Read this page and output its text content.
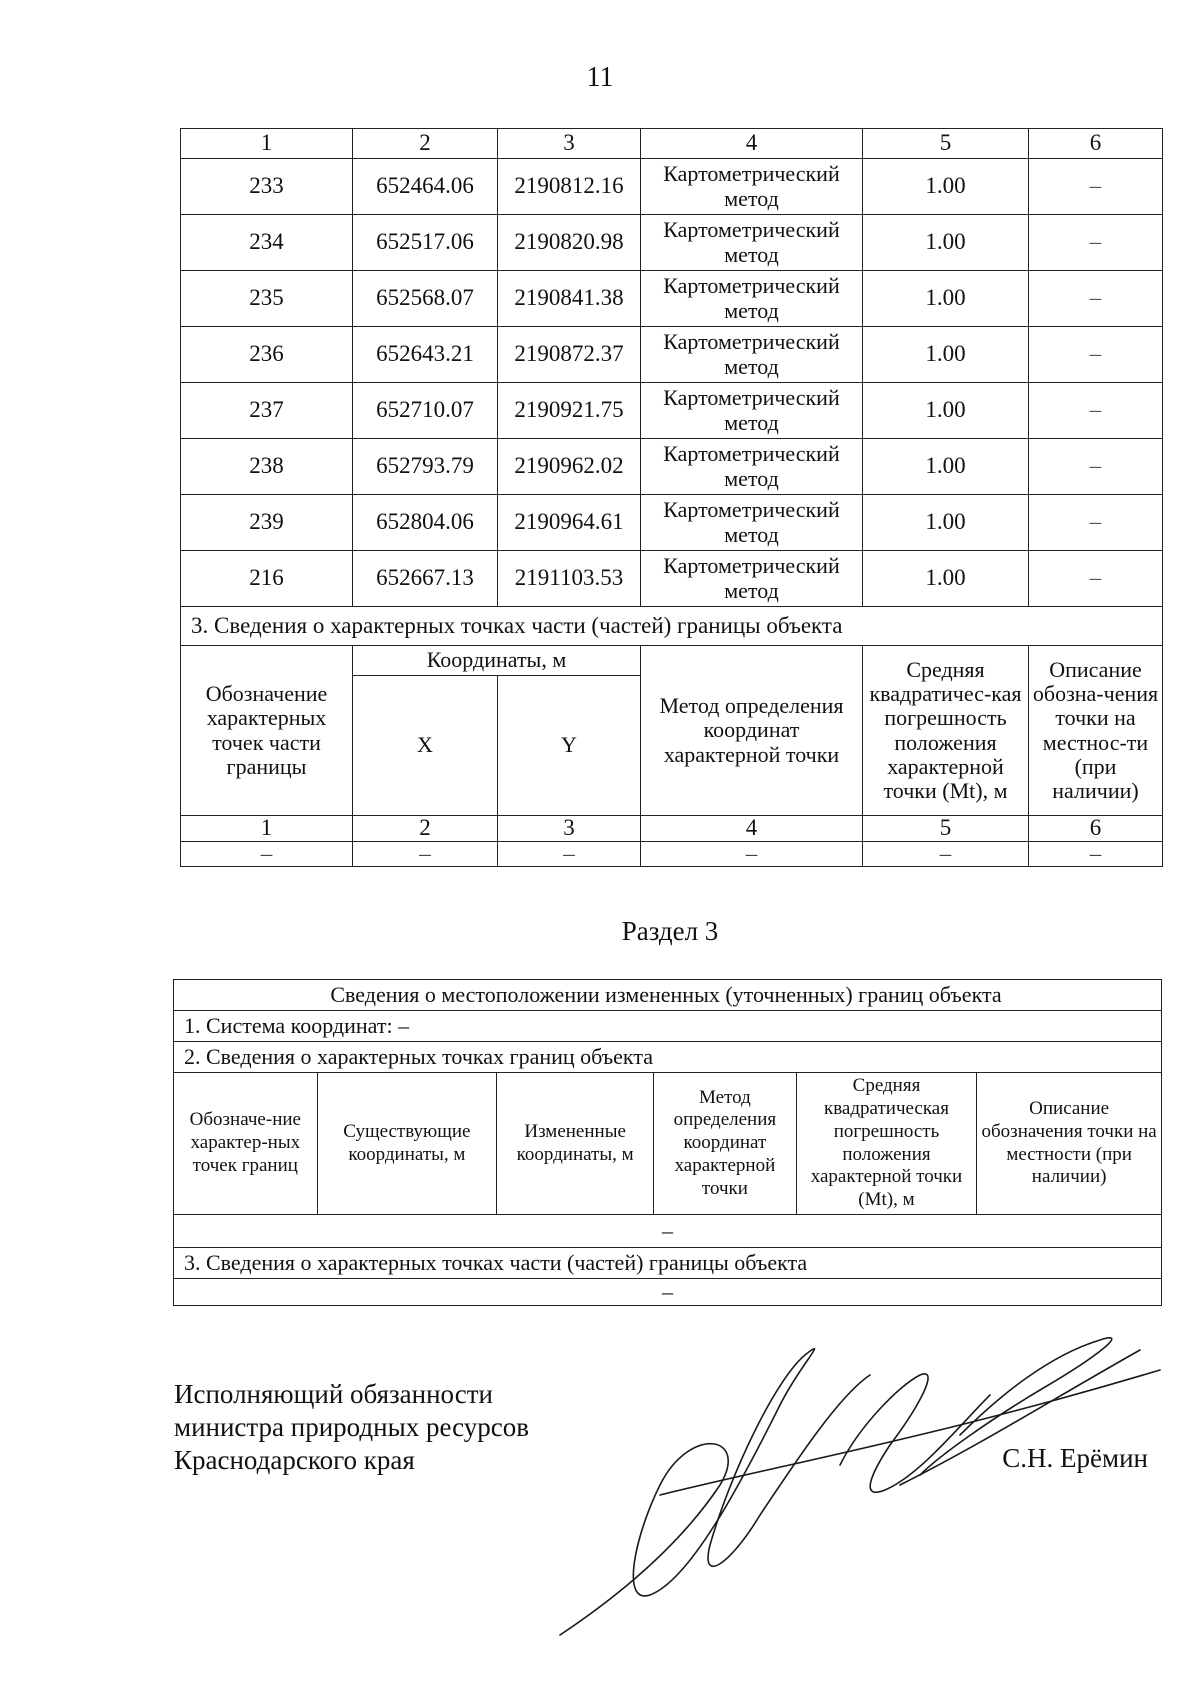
11
1	2	3	4	5	6
233	652464.06	2190812.16	Картометрический метод	1.00	–
234	652517.06	2190820.98	Картометрический метод	1.00	–
235	652568.07	2190841.38	Картометрический метод	1.00	–
236	652643.21	2190872.37	Картометрический метод	1.00	–
237	652710.07	2190921.75	Картометрический метод	1.00	–
238	652793.79	2190962.02	Картометрический метод	1.00	–
239	652804.06	2190964.61	Картометрический метод	1.00	–
216	652667.13	2191103.53	Картометрический метод	1.00	–
3. Сведения о характерных точках части (частей) границы объекта					
Обозначение характерных точек части границы	Координаты, м		Метод определения координат характерной точки	Средняя квадратичес-кая погрешность положения характерной точки (Mt), м	Описание обозна-чения точки на местнос-ти (при наличии)
	X	Y			
1	2	3	4	5	6
–	–	–	–	–	–
Раздел 3
Сведения о местоположении измененных (уточненных) границ объекта
1. Система координат: –
2. Сведения о характерных точках границ объекта
Обозначе-ние характер-ных точек границ	Существующие координаты, м	Измененные координаты, м	Метод определения координат характерной точки	Средняя квадратическая погрешность положения характерной точки (Mt), м	Описание обозначения точки на местности (при наличии)
–
3. Сведения о характерных точках части (частей) границы объекта
–
Исполняющий обязанности
министра природных ресурсов
Краснодарского края	С.Н. Ерёмин
